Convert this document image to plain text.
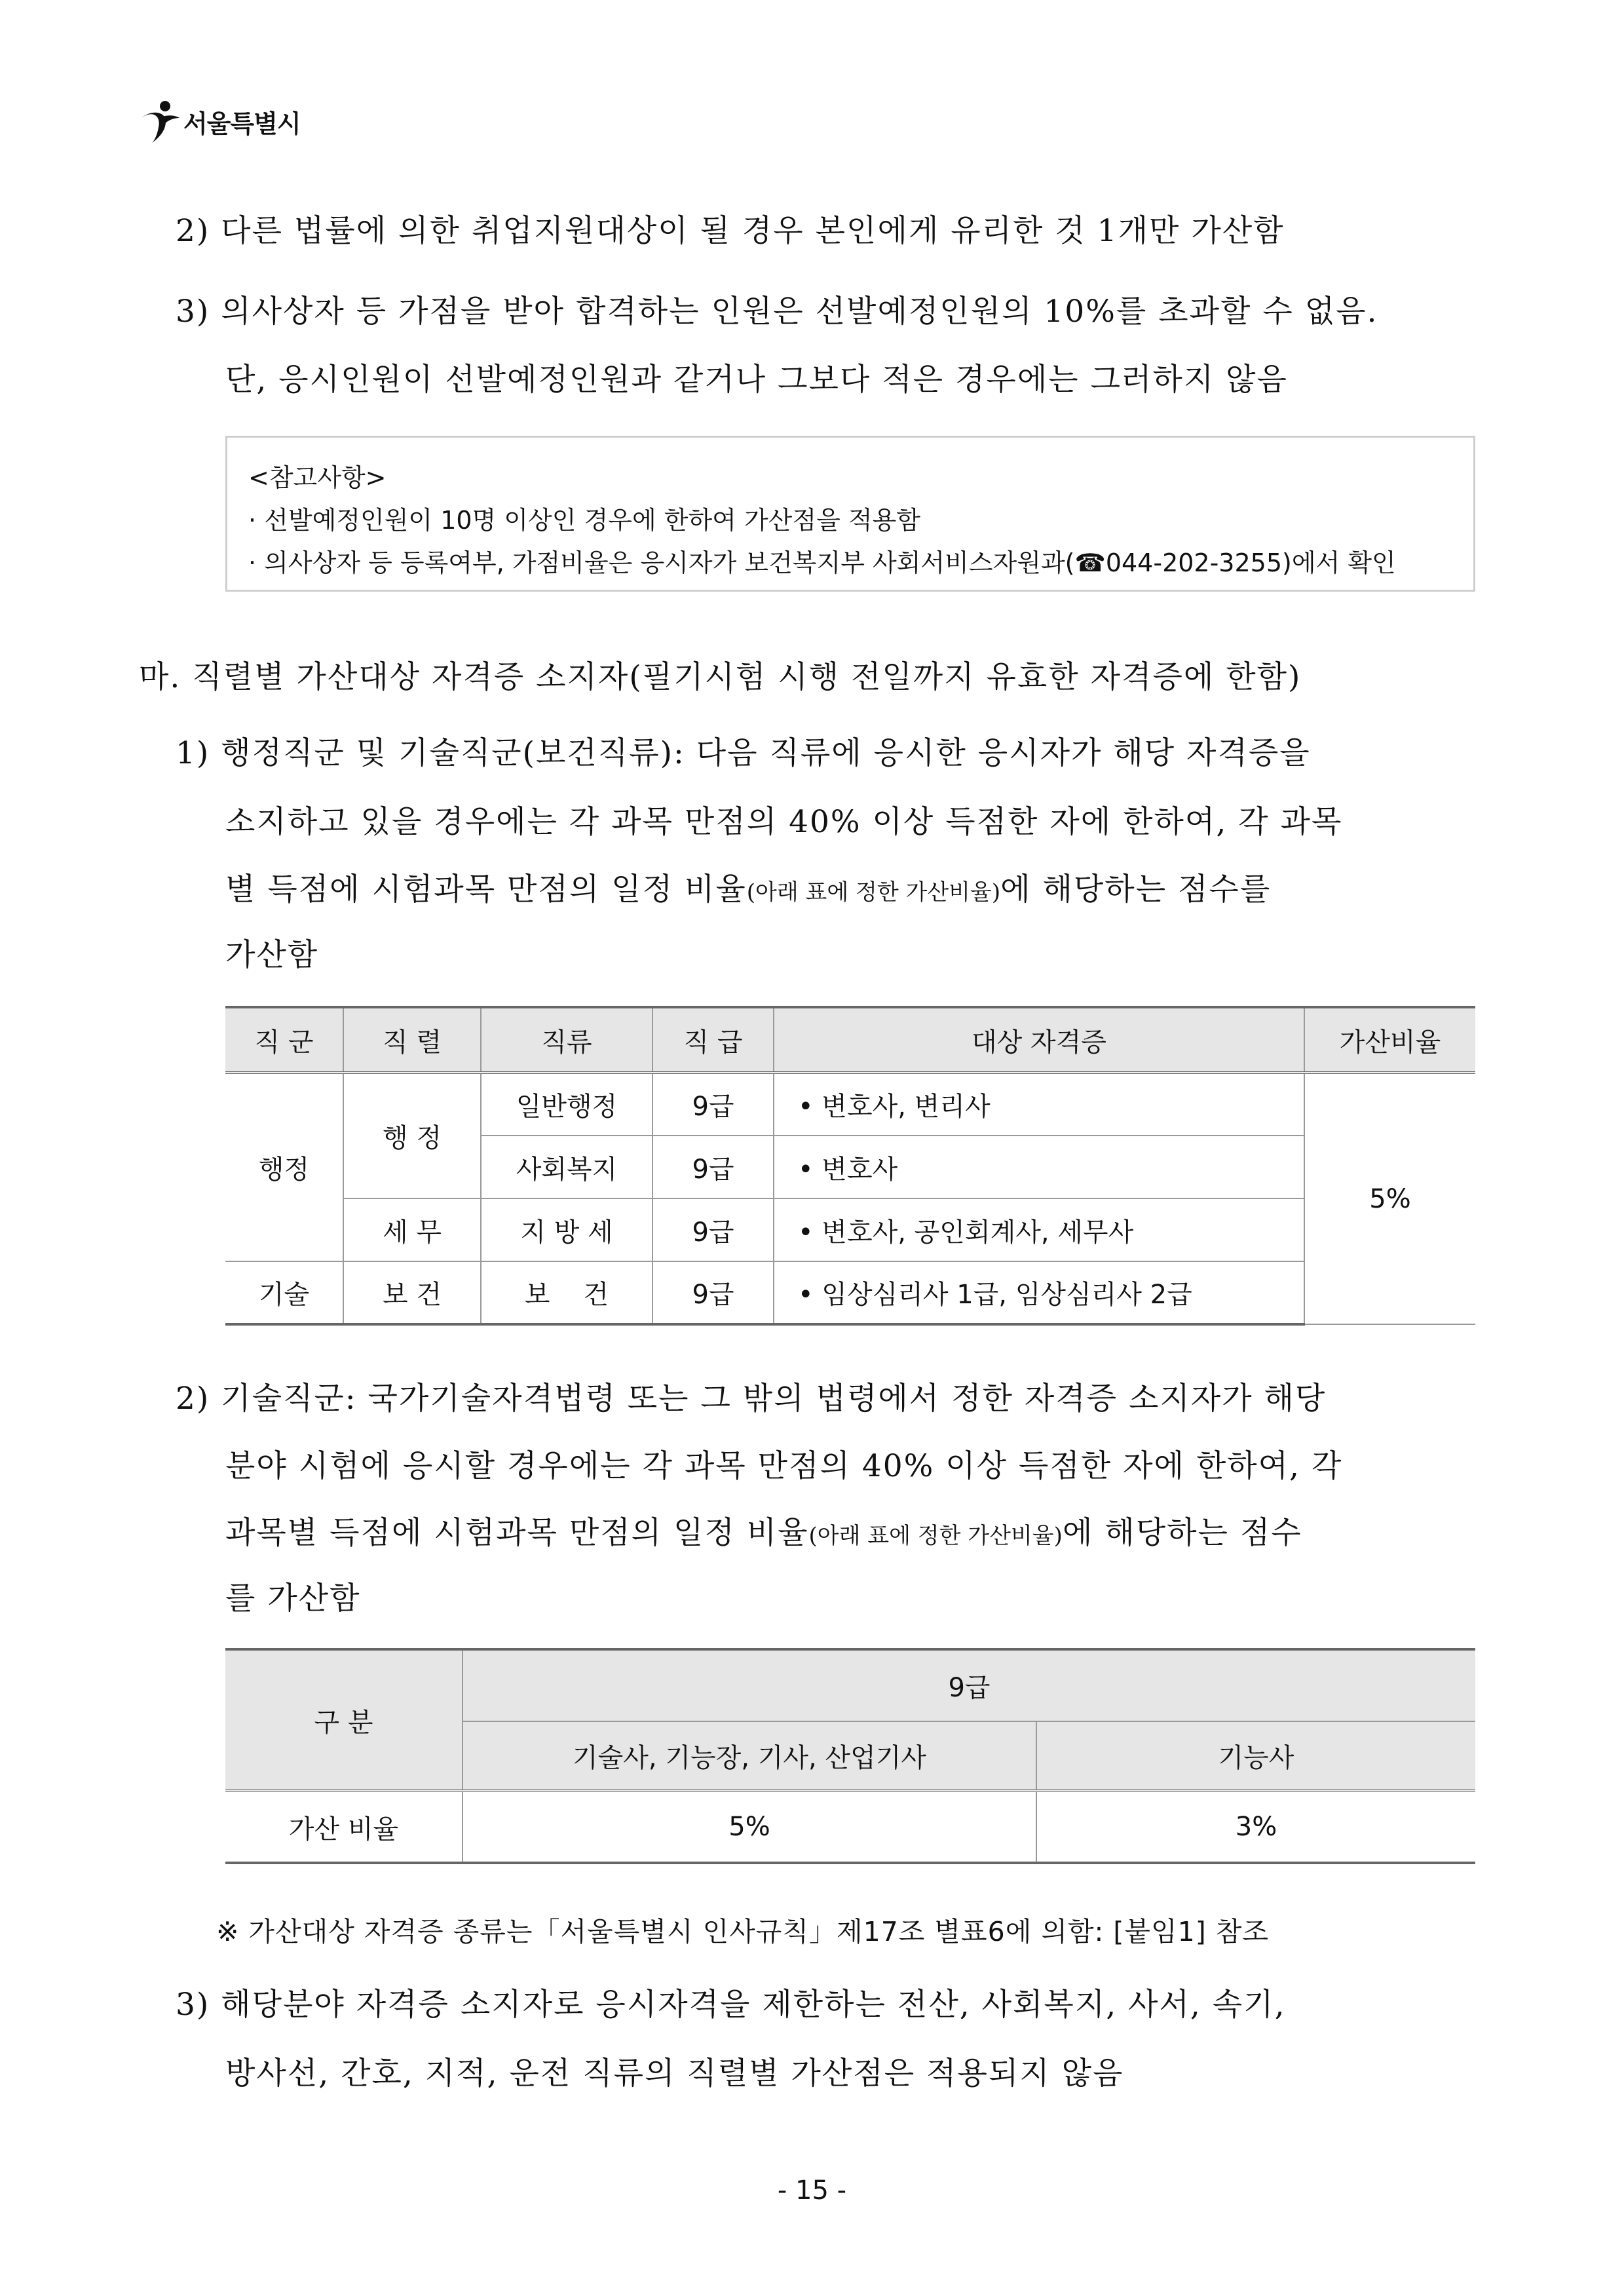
서울특별시
2) 다른 법률에 의한 취업지원대상이 될 경우 본인에게 유리한 것 1개만 가산함
3) 의사상자 등 가점을 받아 합격하는 인원은 선발예정인원의 10%를 초과할 수 없음.
단, 응시인원이 선발예정인원과 같거나 그보다 적은 경우에는 그러하지 않음
<참고사항>
· 선발예정인원이 10명 이상인 경우에 한하여 가산점을 적용함
· 의사상자 등 등록여부, 가점비율은 응시자가 보건복지부 사회서비스자원과(☎044-202-3255)에서 확인
마. 직렬별 가산대상 자격증 소지자(필기시험 시행 전일까지 유효한 자격증에 한함)
1) 행정직군 및 기술직군(보건직류): 다음 직류에 응시한 응시자가 해당 자격증을
소지하고 있을 경우에는 각 과목 만점의 40% 이상 득점한 자에 한하여, 각 과목
별 득점에 시험과목 만점의 일정 비율(아래 표에 정한 가산비율)에 해당하는 점수를
가산함
직 군	직 렬	직류	직 급	대상 자격증	가산비율
행정	행 정	일반행정	9급	• 변호사, 변리사	5%
		사회복지	9급	• 변호사	
	세 무	지 방 세	9급	• 변호사, 공인회계사, 세무사	
기술	보 건	보    건	9급	• 임상심리사 1급, 임상심리사 2급	
2) 기술직군: 국가기술자격법령 또는 그 밖의 법령에서 정한 자격증 소지자가 해당
분야 시험에 응시할 경우에는 각 과목 만점의 40% 이상 득점한 자에 한하여, 각
과목별 득점에 시험과목 만점의 일정 비율(아래 표에 정한 가산비율)에 해당하는 점수
를 가산함
구 분	9급	
	기술사, 기능장, 기사, 산업기사	기능사
가산 비율	5%	3%
※ 가산대상 자격증 종류는「서울특별시 인사규칙」제17조 별표6에 의함: [붙임1] 참조
3) 해당분야 자격증 소지자로 응시자격을 제한하는 전산, 사회복지, 사서, 속기,
방사선, 간호, 지적, 운전 직류의 직렬별 가산점은 적용되지 않음
- 15 -
